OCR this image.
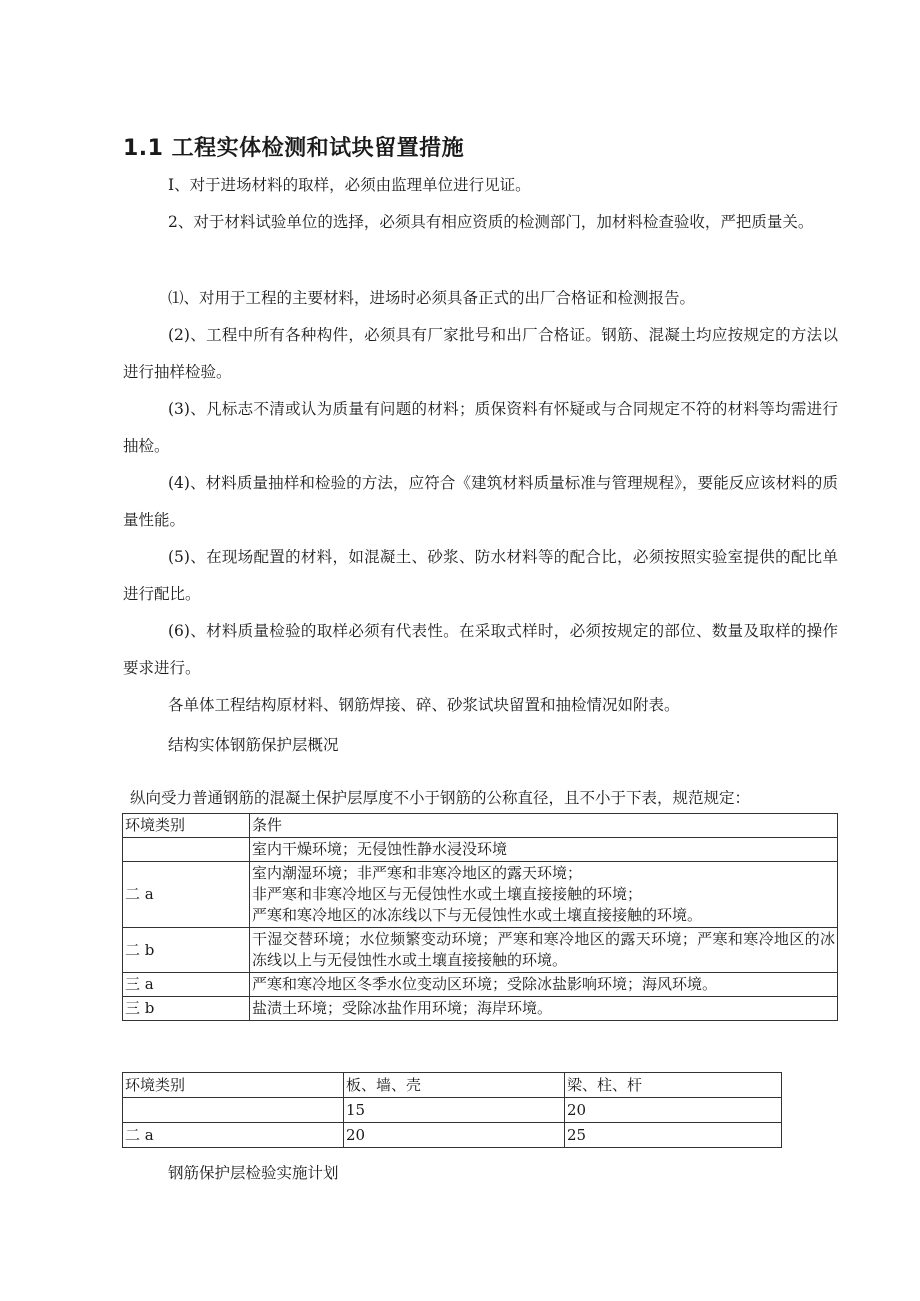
1.1 工程实体检测和试块留置措施
I、对于进场材料的取样，必须由监理单位进行见证。
2、对于材料试验单位的选择，必须具有相应资质的检测部门，加材料检查验收，严把质量关。
⑴、对用于工程的主要材料，进场时必须具备正式的出厂合格证和检测报告。
(2)、工程中所有各种构件，必须具有厂家批号和出厂合格证。钢筋、混凝土均应按规定的方法以进行抽样检验。
(3)、凡标志不清或认为质量有问题的材料；质保资料有怀疑或与合同规定不符的材料等均需进行抽检。
(4)、材料质量抽样和检验的方法，应符合《建筑材料质量标准与管理规程》，要能反应该材料的质量性能。
(5)、在现场配置的材料，如混凝土、砂浆、防水材料等的配合比，必须按照实验室提供的配比单进行配比。
(6)、材料质量检验的取样必须有代表性。在采取式样时，必须按规定的部位、数量及取样的操作要求进行。
各单体工程结构原材料、钢筋焊接、碎、砂浆试块留置和抽检情况如附表。
结构实体钢筋保护层概况
纵向受力普通钢筋的混凝土保护层厚度不小于钢筋的公称直径，且不小于下表，规范规定：
环境类别	条件

	室内干燥环境；无侵蚀性静水浸没环境

二 a	室内潮湿环境；非严寒和非寒冷地区的露天环境；
非严寒和非寒冷地区与无侵蚀性水或土壤直接接触的环境；
严寒和寒冷地区的冰冻线以下与无侵蚀性水或土壤直接接触的环境。

二 b	干湿交替环境；水位频繁变动环境；严寒和寒冷地区的露天环境；严寒和寒冷地区的冰冻线以上与无侵蚀性水或土壤直接接触的环境。

三 a	严寒和寒冷地区冬季水位变动区环境；受除冰盐影响环境；海风环境。

三 b	盐渍土环境；受除冰盐作用环境；海岸环境。
环境类别	板、墙、壳	梁、柱、杆
	15	20
二 a	20	25
钢筋保护层检验实施计划
